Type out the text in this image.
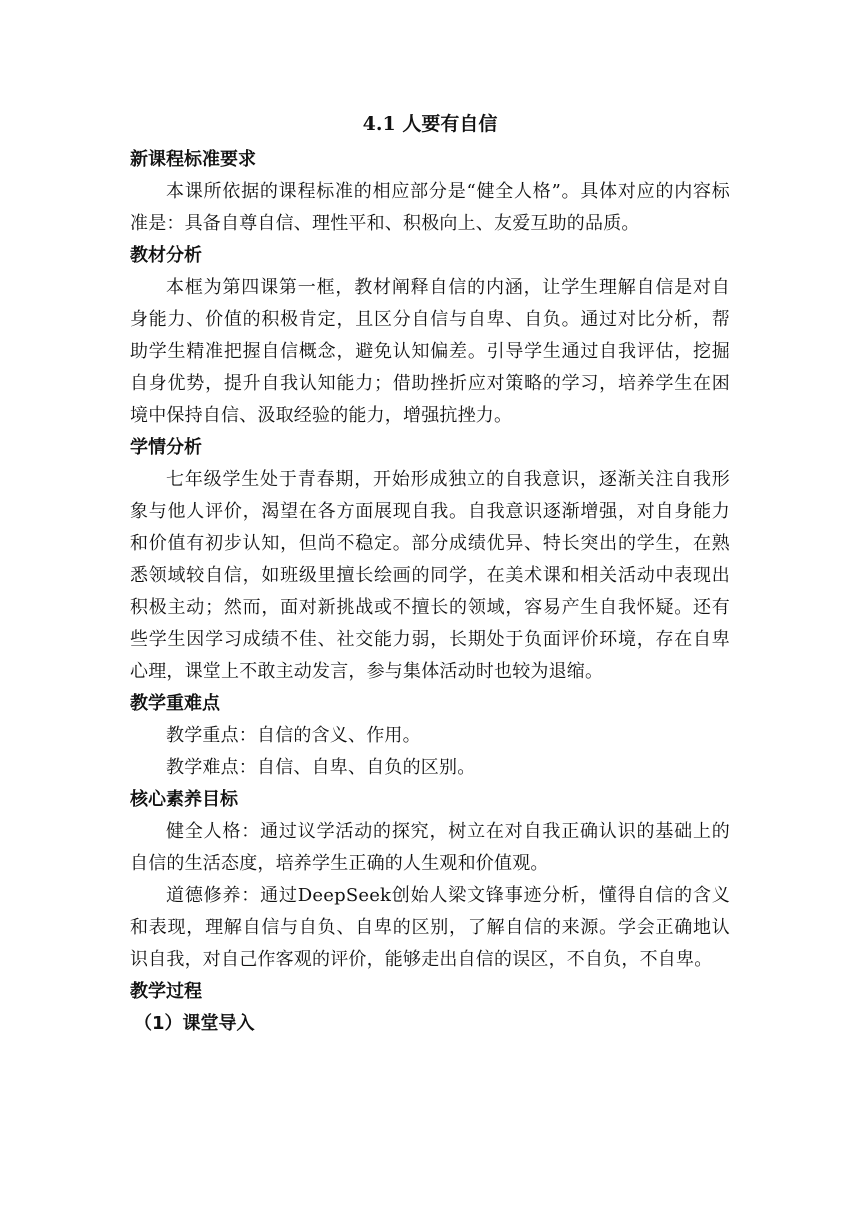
4.1 人要有自信
新课程标准要求

本课所依据的课程标准的相应部分是“健全人格”。具体对应的内容标准是：具备自尊自信、理性平和、积极向上、友爱互助的品质。

教材分析

本框为第四课第一框，教材阐释自信的内涵，让学生理解自信是对自身能力、价值的积极肯定，且区分自信与自卑、自负。通过对比分析，帮助学生精准把握自信概念，避免认知偏差。引导学生通过自我评估，挖掘自身优势，提升自我认知能力；借助挫折应对策略的学习，培养学生在困境中保持自信、汲取经验的能力，增强抗挫力。

学情分析

七年级学生处于青春期，开始形成独立的自我意识，逐渐关注自我形象与他人评价，渴望在各方面展现自我。自我意识逐渐增强，对自身能力和价值有初步认知，但尚不稳定。部分成绩优异、特长突出的学生，在熟悉领域较自信，如班级里擅长绘画的同学，在美术课和相关活动中表现出积极主动；然而，面对新挑战或不擅长的领域，容易产生自我怀疑。还有些学生因学习成绩不佳、社交能力弱，长期处于负面评价环境，存在自卑心理，课堂上不敢主动发言，参与集体活动时也较为退缩。

教学重难点

教学重点：自信的含义、作用。

教学难点：自信、自卑、自负的区别。

核心素养目标

健全人格：通过议学活动的探究，树立在对自我正确认识的基础上的自信的生活态度，培养学生正确的人生观和价值观。

道德修养：通过DeepSeek创始人梁文锋事迹分析，懂得自信的含义和表现，理解自信与自负、自卑的区别，了解自信的来源。学会正确地认识自我，对自己作客观的评价，能够走出自信的误区，不自负，不自卑。

教学过程
（1）课堂导入
